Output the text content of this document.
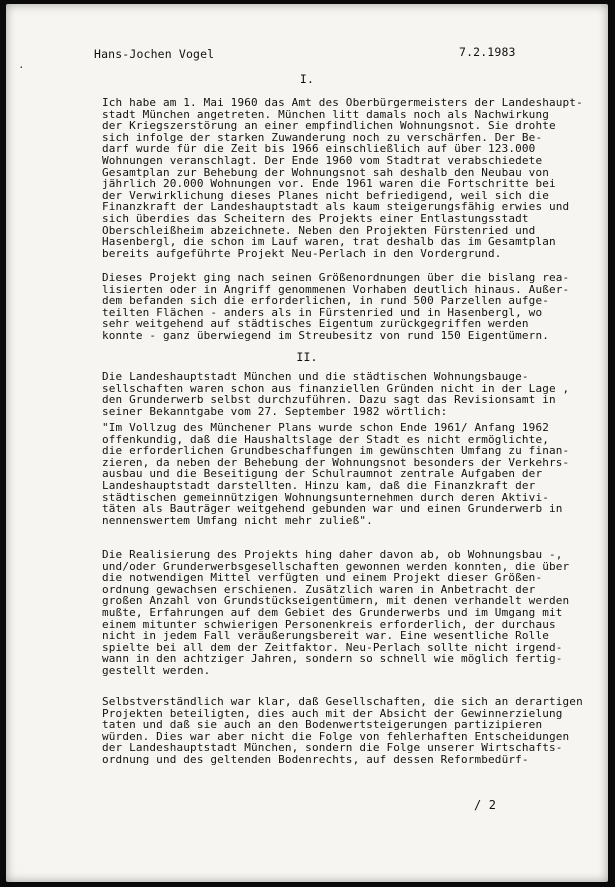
Hans-Jochen Vogel	7.2.1983
·
I.
Ich habe am 1. Mai 1960 das Amt des Oberbürgermeisters der Landeshaupt-
stadt München angetreten. München litt damals noch als Nachwirkung
der Kriegszerstörung an einer empfindlichen Wohnungsnot. Sie drohte
sich infolge der starken Zuwanderung noch zu verschärfen. Der Be-
darf wurde für die Zeit bis 1966 einschließlich auf über 123.000
Wohnungen veranschlagt. Der Ende 1960 vom Stadtrat verabschiedete
Gesamtplan zur Behebung der Wohnungsnot sah deshalb den Neubau von
jährlich 20.000 Wohnungen vor. Ende 1961 waren die Fortschritte bei
der Verwirklichung dieses Planes nicht befriedigend, weil sich die
Finanzkraft der Landeshauptstadt als kaum steigerungsfähig erwies und
sich überdies das Scheitern des Projekts einer Entlastungsstadt
Oberschleißheim abzeichnete. Neben den Projekten Fürstenried und
Hasenbergl, die schon im Lauf waren, trat deshalb das im Gesamtplan
bereits aufgeführte Projekt Neu-Perlach in den Vordergrund.
Dieses Projekt ging nach seinen Größenordnungen über die bislang rea-
lisierten oder in Angriff genommenen Vorhaben deutlich hinaus. Außer-
dem befanden sich die erforderlichen, in rund 500 Parzellen aufge-
teilten Flächen - anders als in Fürstenried und in Hasenbergl, wo
sehr weitgehend auf städtisches Eigentum zurückgegriffen werden
konnte - ganz überwiegend im Streubesitz von rund 150 Eigentümern.
II.
Die Landeshauptstadt München und die städtischen Wohnungsbauge-
sellschaften waren schon aus finanziellen Gründen nicht in der Lage ,
den Grunderwerb selbst durchzuführen. Dazu sagt das Revisionsamt in
seiner Bekanntgabe vom 27. September 1982 wörtlich:
"Im Vollzug des Münchener Plans wurde schon Ende 1961/ Anfang 1962
offenkundig, daß die Haushaltslage der Stadt es nicht ermöglichte,
die erforderlichen Grundbeschaffungen im gewünschten Umfang zu finan-
zieren, da neben der Behebung der Wohnungsnot besonders der Verkehrs-
ausbau und die Beseitigung der Schulraumnot zentrale Aufgaben der
Landeshauptstadt darstellten. Hinzu kam, daß die Finanzkraft der
städtischen gemeinnützigen Wohnungsunternehmen durch deren Aktivi-
täten als Bauträger weitgehend gebunden war und einen Grunderwerb in
nennenswertem Umfang nicht mehr zuließ".
Die Realisierung des Projekts hing daher davon ab, ob Wohnungsbau -,
und/oder Grunderwerbsgesellschaften gewonnen werden konnten, die über
die notwendigen Mittel verfügten und einem Projekt dieser Größen-
ordnung gewachsen erschienen. Zusätzlich waren in Anbetracht der
großen Anzahl von Grundstückseigentümern, mit denen verhandelt werden
mußte, Erfahrungen auf dem Gebiet des Grunderwerbs und im Umgang mit
einem mitunter schwierigen Personenkreis erforderlich, der durchaus
nicht in jedem Fall veräußerungsbereit war. Eine wesentliche Rolle
spielte bei all dem der Zeitfaktor. Neu-Perlach sollte nicht irgend-
wann in den achtziger Jahren, sondern so schnell wie möglich fertig-
gestellt werden.
Selbstverständlich war klar, daß Gesellschaften, die sich an derartigen
Projekten beteiligten, dies auch mit der Absicht der Gewinnerzielung
taten und daß sie auch an den Bodenwertsteigerungen partizipieren
würden. Dies war aber nicht die Folge von fehlerhaften Entscheidungen
der Landeshauptstadt München, sondern die Folge unserer Wirtschafts-
ordnung und des geltenden Bodenrechts, auf dessen Reformbedürf-
/ 2
